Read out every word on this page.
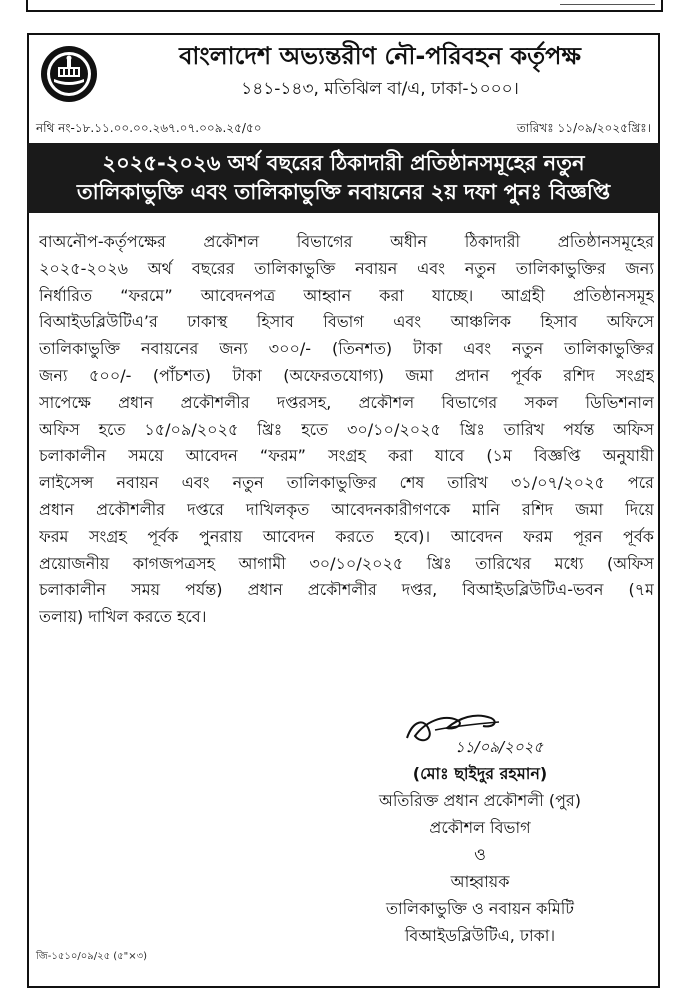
বাংলাদেশ অভ্যন্তরীণ নৌ-পরিবহন কর্তৃপক্ষ
১৪১-১৪৩, মতিঝিল বা/এ, ঢাকা-১০০০।
নথি নং-১৮.১১.০০.০০.২৬৭.০৭.০০৯.২৫/৫০	তারিখঃ ১১/০৯/২০২৫খ্রিঃ।
২০২৫-২০২৬ অর্থ বছরের ঠিকাদারী প্রতিষ্ঠানসমূহের নতুন
তালিকাভুক্তি এবং তালিকাভুক্তি নবায়নের ২য় দফা পুনঃ বিজ্ঞপ্তি
বাঅনৌপ-কর্তৃপক্ষের প্রকৌশল বিভাগের অধীন ঠিকাদারী প্রতিষ্ঠানসমূহের
২০২৫-২০২৬ অর্থ বছরের তালিকাভুক্তি নবায়ন এবং নতুন তালিকাভুক্তির জন্য
নির্ধারিত “ফরমে” আবেদনপত্র আহ্বান করা যাচ্ছে। আগ্রহী প্রতিষ্ঠানসমূহ
বিআইডব্লিউটিএ’র ঢাকাস্থ হিসাব বিভাগ এবং আঞ্চলিক হিসাব অফিসে
তালিকাভুক্তি নবায়নের জন্য ৩০০/- (তিনশত) টাকা এবং নতুন তালিকাভুক্তির
জন্য ৫০০/- (পাঁচশত) টাকা (অফেরতযোগ্য) জমা প্রদান পূর্বক রশিদ সংগ্রহ
সাপেক্ষে প্রধান প্রকৌশলীর দপ্তরসহ, প্রকৌশল বিভাগের সকল ডিভিশনাল
অফিস হতে ১৫/০৯/২০২৫ খ্রিঃ হতে ৩০/১০/২০২৫ খ্রিঃ তারিখ পর্যন্ত অফিস
চলাকালীন সময়ে আবেদন “ফরম” সংগ্রহ করা যাবে (১ম বিজ্ঞপ্তি অনুযায়ী
লাইসেন্স নবায়ন এবং নতুন তালিকাভুক্তির শেষ তারিখ ৩১/০৭/২০২৫ পরে
প্রধান প্রকৌশলীর দপ্তরে দাখিলকৃত আবেদনকারীগণকে মানি রশিদ জমা দিয়ে
ফরম সংগ্রহ পূর্বক পুনরায় আবেদন করতে হবে)। আবেদন ফরম পূরন পূর্বক
প্রয়োজনীয় কাগজপত্রসহ আগামী ৩০/১০/২০২৫ খ্রিঃ তারিখের মধ্যে (অফিস
চলাকালীন সময় পর্যন্ত) প্রধান প্রকৌশলীর দপ্তর, বিআইডব্লিউটিএ-ভবন (৭ম
তলায়) দাখিল করতে হবে।
১১/০৯/২০২৫
(মোঃ ছাইদুর রহমান)
অতিরিক্ত প্রধান প্রকৌশলী (পুর)
প্রকৌশল বিভাগ
ও
আহ্বায়ক
তালিকাভুক্তি ও নবায়ন কমিটি
বিআইডব্লিউটিএ, ঢাকা।
জি-১৫১০/০৯/২৫ (৫"×৩)
